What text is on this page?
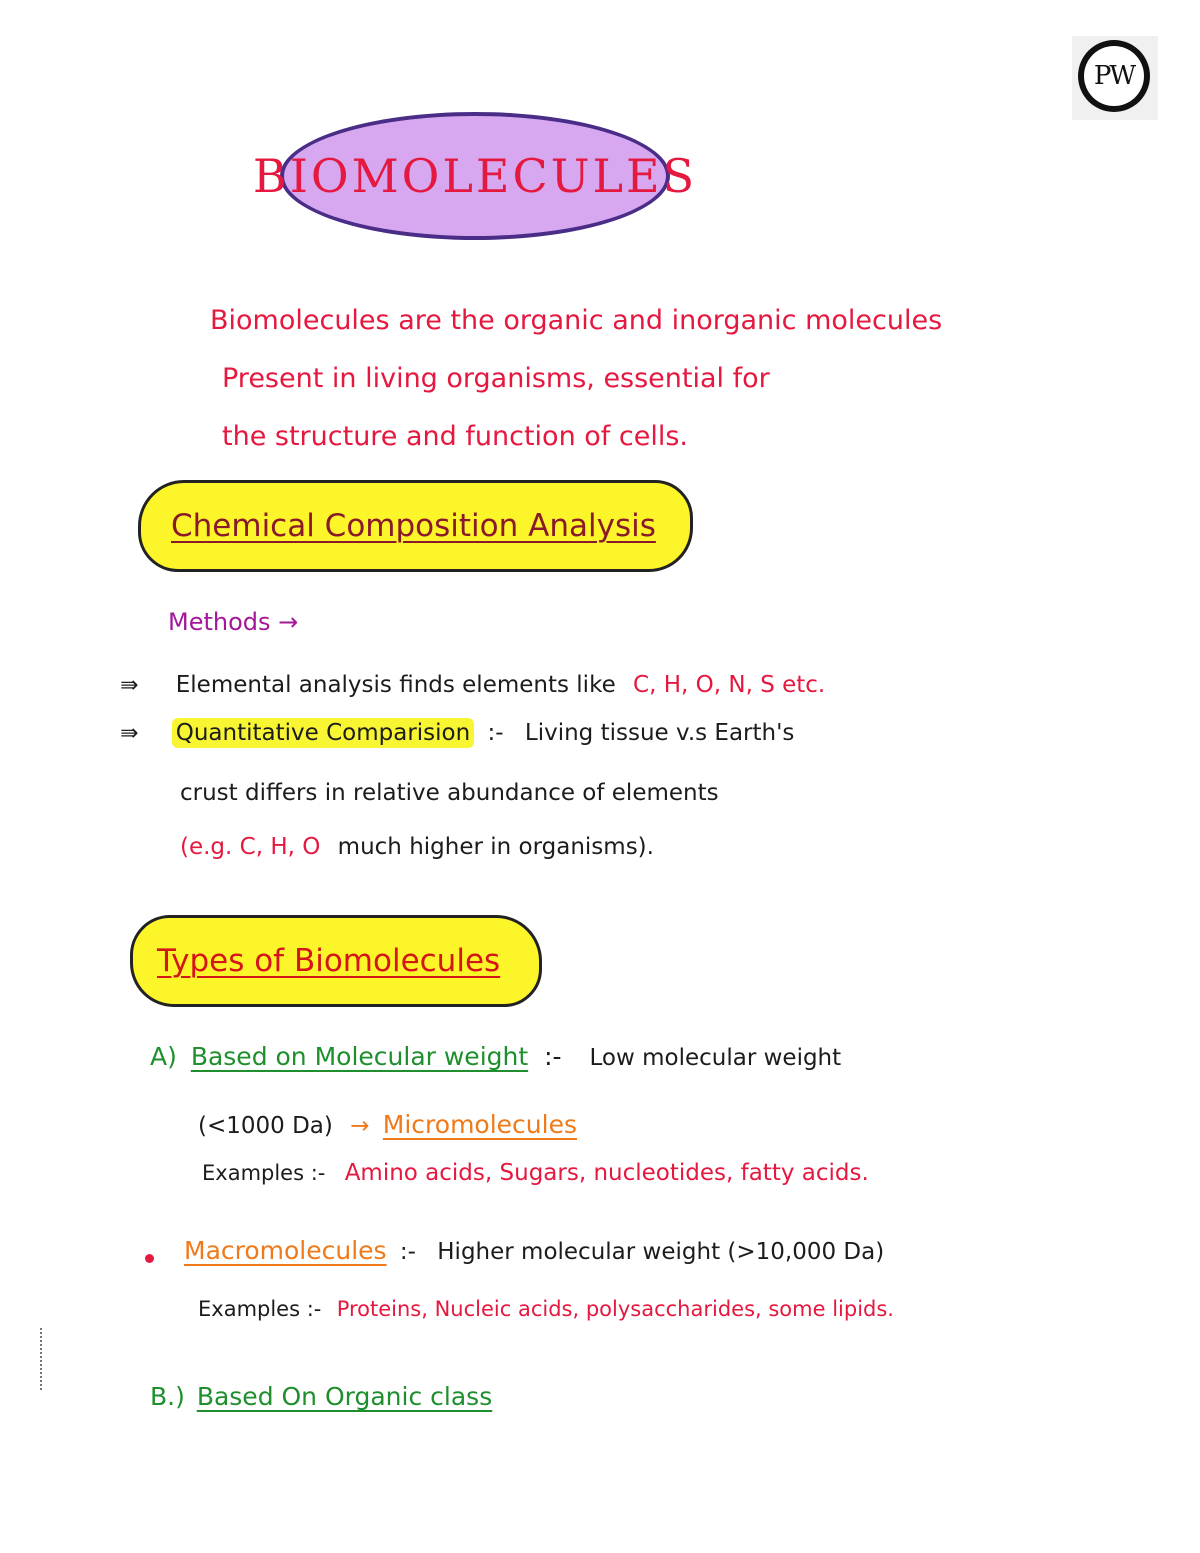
PW
BIOMOLECULES
Biomolecules are the organic and inorganic molecules
Present in living organisms, essential for
the structure and function of cells.
Chemical Composition Analysis
Methods →
⇛ Elemental analysis finds elements like C, H, O, N, S etc.
⇛ Quantitative Comparision :- Living tissue v.s Earth's
crust differs in relative abundance of elements
(e.g. C, H, O much higher in organisms).
Types of Biomolecules
A) Based on Molecular weight :- Low molecular weight
(<1000 Da) → Micromolecules
Examples :- Amino acids, Sugars, nucleotides, fatty acids.
Macromolecules :- Higher molecular weight (>10,000 Da)
Examples :- Proteins, Nucleic acids, polysaccharides, some lipids.
B.) Based On Organic class
